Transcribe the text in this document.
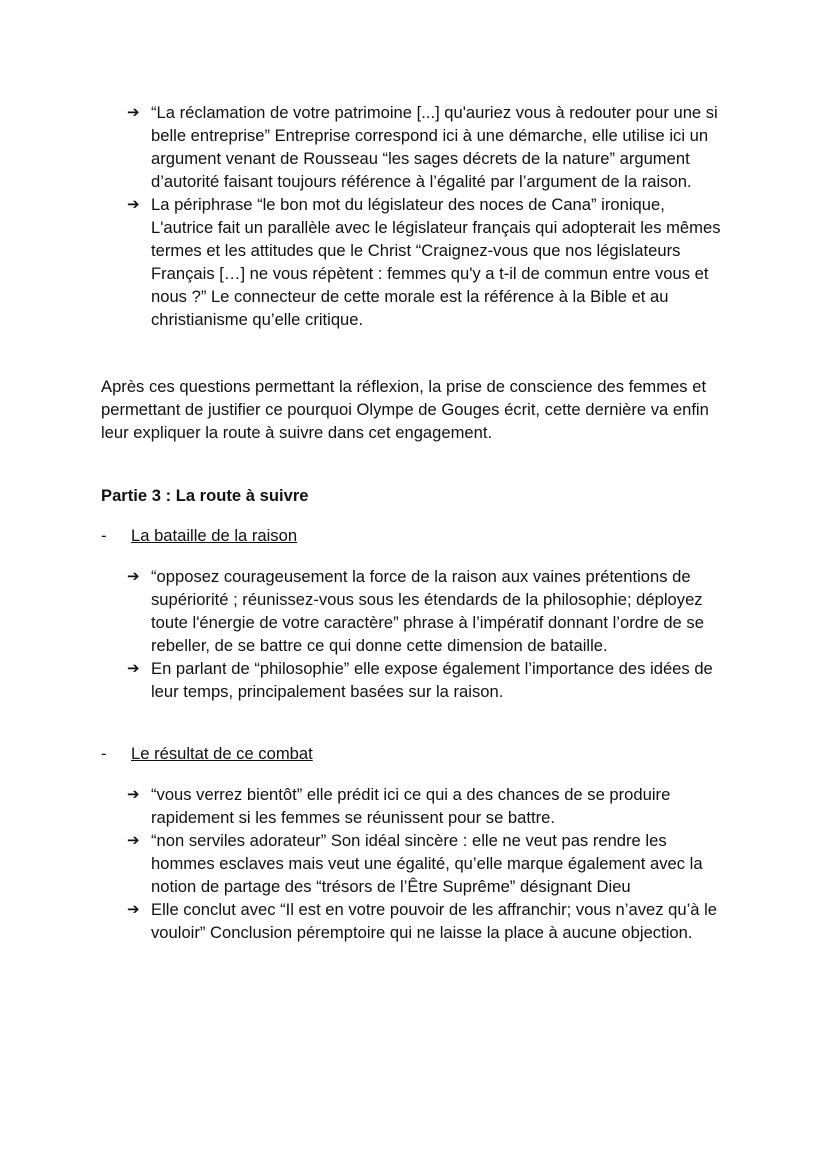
➔ “La réclamation de votre patrimoine [...] qu'auriez vous à redouter pour une si belle entreprise” Entreprise correspond ici à une démarche, elle utilise ici un argument venant de Rousseau “les sages décrets de la nature” argument d’autorité faisant toujours référence à l’égalité par l’argument de la raison.
➔ La périphrase “le bon mot du législateur des noces de Cana” ironique, L'autrice fait un parallèle avec le législateur français qui adopterait les mêmes termes et les attitudes que le Christ “Craignez-vous que nos législateurs Français […] ne vous répètent : femmes qu'y a t-il de commun entre vous et nous ?” Le connecteur de cette morale est la référence à la Bible et au christianisme qu’elle critique.

Après ces questions permettant la réflexion, la prise de conscience des femmes et permettant de justifier ce pourquoi Olympe de Gouges écrit, cette dernière va enfin leur expliquer la route à suivre dans cet engagement.

Partie 3 : La route à suivre
- La bataille de la raison
➔ “opposez courageusement la force de la raison aux vaines prétentions de supériorité ; réunissez-vous sous les étendards de la philosophie; déployez toute l'énergie de votre caractère” phrase à l’impératif donnant l’ordre de se rebeller, de se battre ce qui donne cette dimension de bataille.
➔ En parlant de “philosophie” elle expose également l’importance des idées de leur temps, principalement basées sur la raison.
- Le résultat de ce combat
➔ “vous verrez bientôt” elle prédit ici ce qui a des chances de se produire rapidement si les femmes se réunissent pour se battre.
➔ “non serviles adorateur” Son idéal sincère : elle ne veut pas rendre les hommes esclaves mais veut une égalité, qu’elle marque également avec la notion de partage des “trésors de l’Être Suprême” désignant Dieu
➔ Elle conclut avec “Il est en votre pouvoir de les affranchir; vous n’avez qu’à le vouloir” Conclusion péremptoire qui ne laisse la place à aucune objection.
